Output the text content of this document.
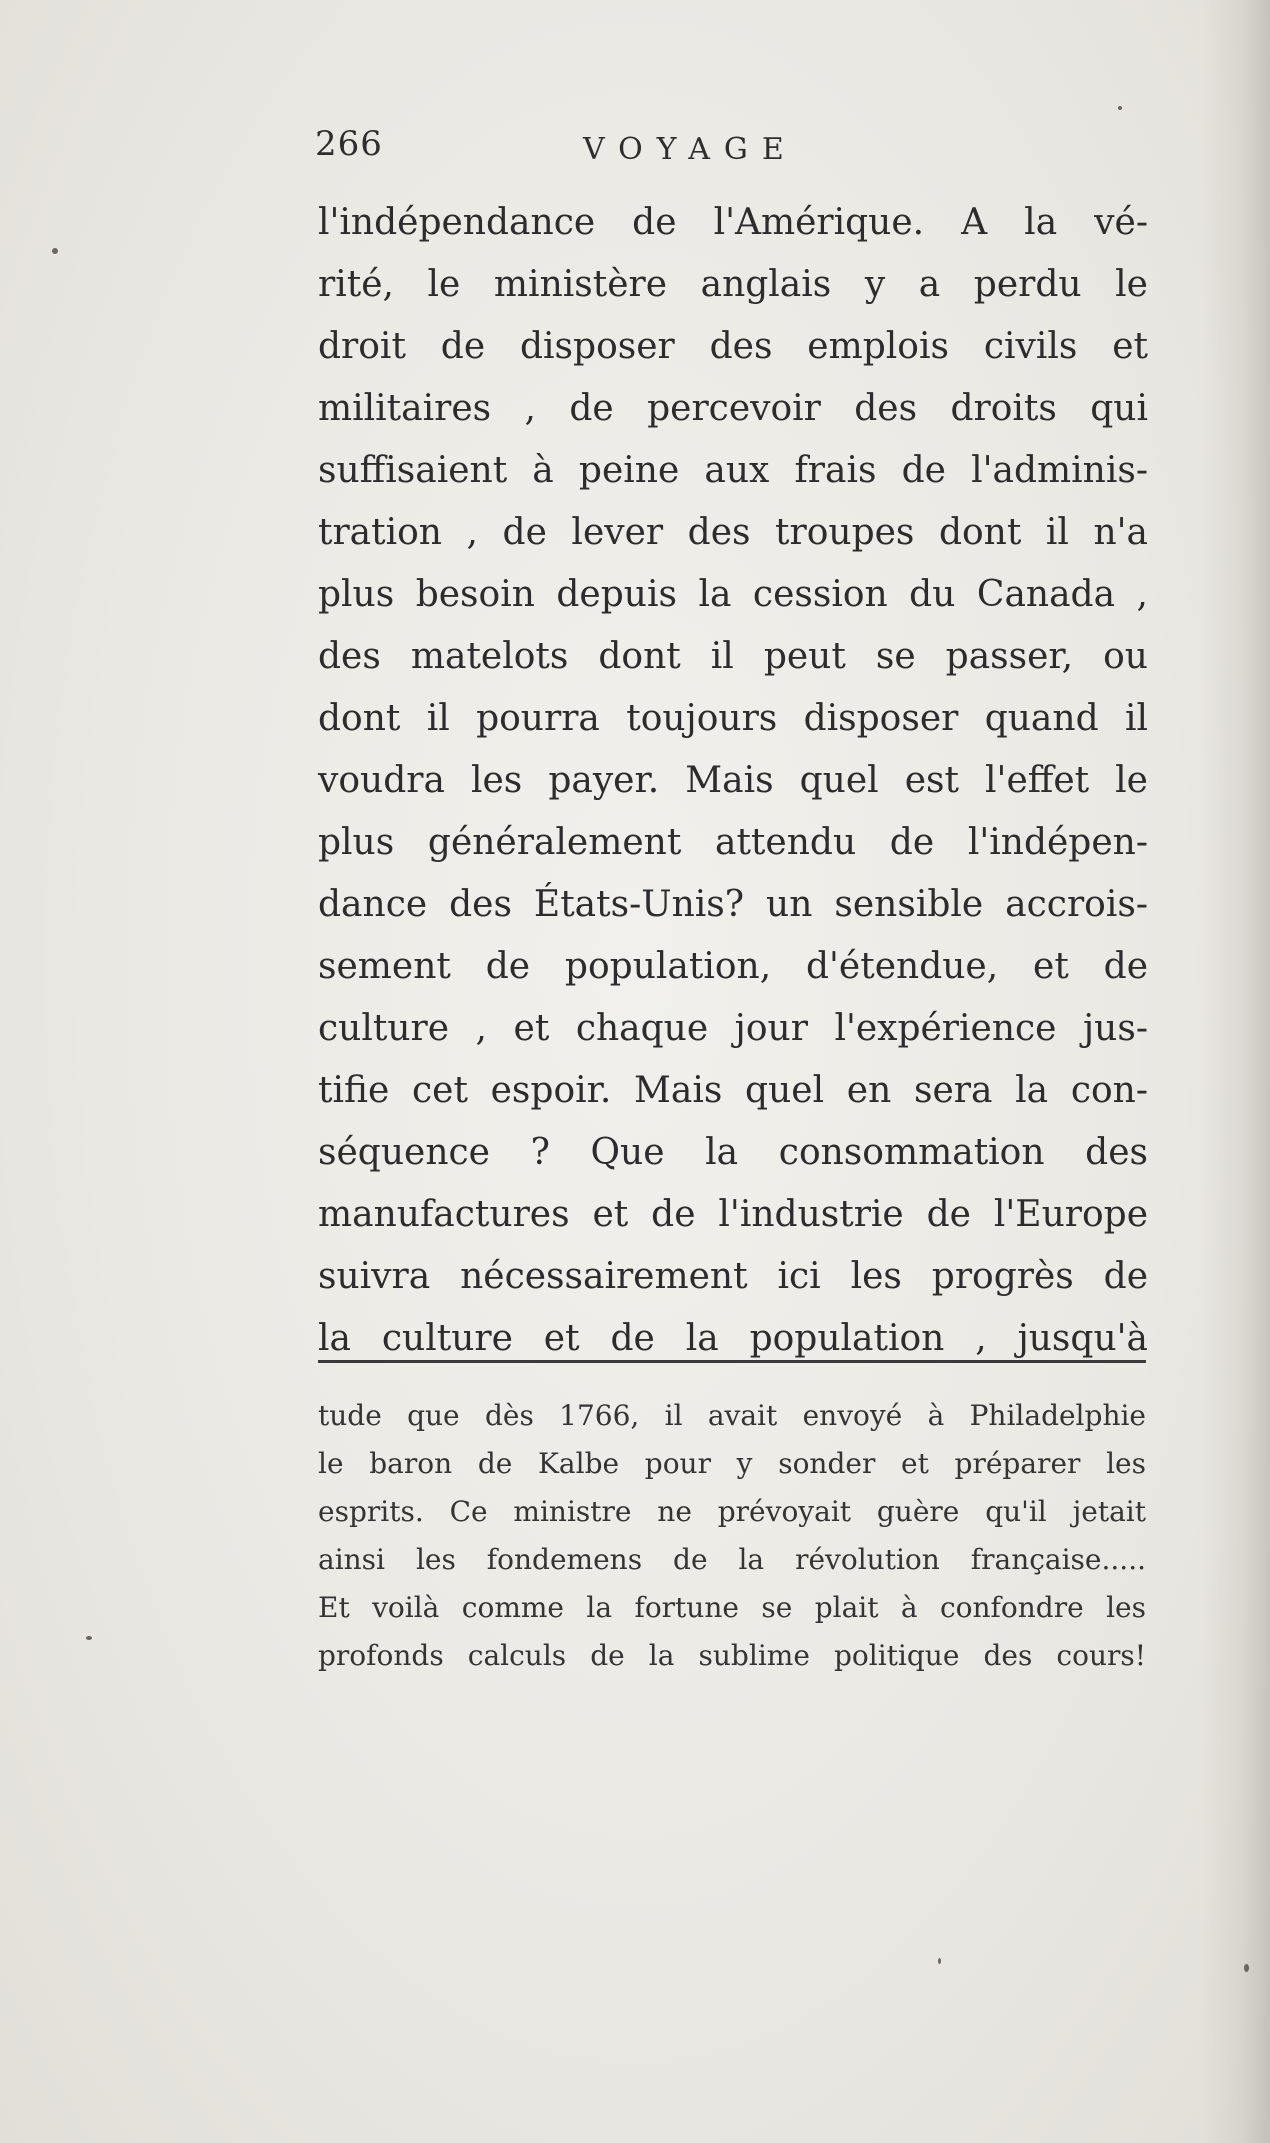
266	VOYAGE
l'indépendance de l'Amérique. A la vé-
rité, le ministère anglais y a perdu le
droit de disposer des emplois civils et
militaires , de percevoir des droits qui
suffisaient à peine aux frais de l'adminis-
tration , de lever des troupes dont il n'a
plus besoin depuis la cession du Canada ,
des matelots dont il peut se passer, ou
dont il pourra toujours disposer quand il
voudra les payer. Mais quel est l'effet le
plus généralement attendu de l'indépen-
dance des États-Unis? un sensible accrois-
sement de population, d'étendue, et de
culture , et chaque jour l'expérience jus-
tifie cet espoir. Mais quel en sera la con-
séquence ? Que la consommation des
manufactures et de l'industrie de l'Europe
suivra nécessairement ici les progrès de
la culture et de la population , jusqu'à
tude que dès 1766, il avait envoyé à Philadelphie
le baron de Kalbe pour y sonder et préparer les
esprits. Ce ministre ne prévoyait guère qu'il jetait
ainsi les fondemens de la révolution française.....
Et voilà comme la fortune se plait à confondre les
profonds calculs de la sublime politique des cours!
